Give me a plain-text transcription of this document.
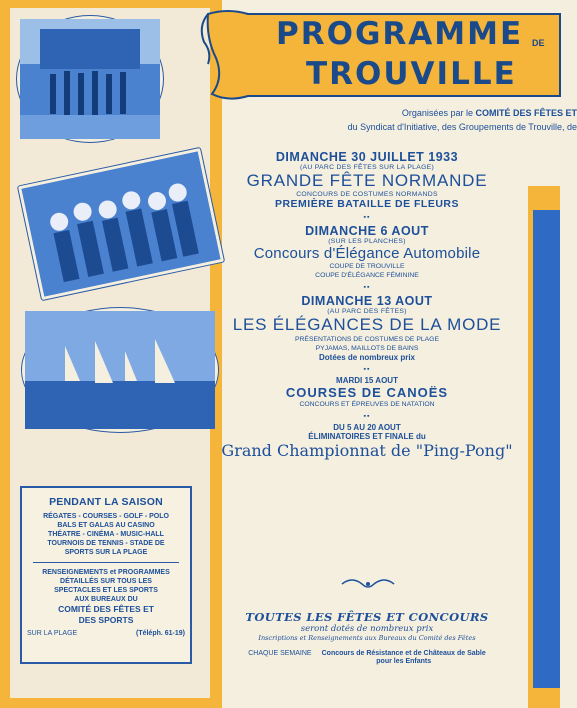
PENDANT LA SAISON
RÉGATES - COURSES - GOLF - POLO
BALS ET GALAS AU CASINO
THÉATRE - CINÉMA - MUSIC-HALL
TOURNOIS DE TENNIS - STADE DE
SPORTS SUR LA PLAGE
RENSEIGNEMENTS et PROGRAMMES
DÉTAILLÉS SUR TOUS LES
SPECTACLES ET LES SPORTS
AUX BUREAUX DU
COMITÉ DES FÊTES ET
DES SPORTS
SUR LA PLAGE	(Téléph. 61-19)
PROGRAMME DE
TROUVILLE
Organisées par le COMITÉ DES FÊTES ET
du Syndicat d'Initiative, des Groupements de Trouville, de
DIMANCHE 30 JUILLET 1933
(AU PARC DES FÊTES SUR LA PLAGE)
GRANDE FÊTE NORMANDE
CONCOURS DE COSTUMES NORMANDS
PREMIÈRE BATAILLE DE FLEURS
▪▪
DIMANCHE 6 AOUT
(SUR LES PLANCHES)
Concours d'Élégance Automobile
COUPE DE TROUVILLE
COUPE D'ÉLÉGANCE FÉMININE
▪▪
DIMANCHE 13 AOUT
(AU PARC DES FÊTES)
LES ÉLÉGANCES DE LA MODE
PRÉSENTATIONS DE COSTUMES DE PLAGE
PYJAMAS, MAILLOTS DE BAINS
Dotées de nombreux prix
▪▪
MARDI 15 AOUT
COURSES DE CANOËS
CONCOURS ET ÉPREUVES DE NATATION
▪▪
DU 5 AU 20 AOUT
ÉLIMINATOIRES ET FINALE du
Grand Championnat de "Ping-Pong"
TOUTES LES FÊTES ET CONCOURS
seront dotés de nombreux prix
Inscriptions et Renseignements aux Bureaux du Comité des Fêtes
CHAQUE SEMAINE Concours de Résistance et de Châteaux de Sable
pour les Enfants
